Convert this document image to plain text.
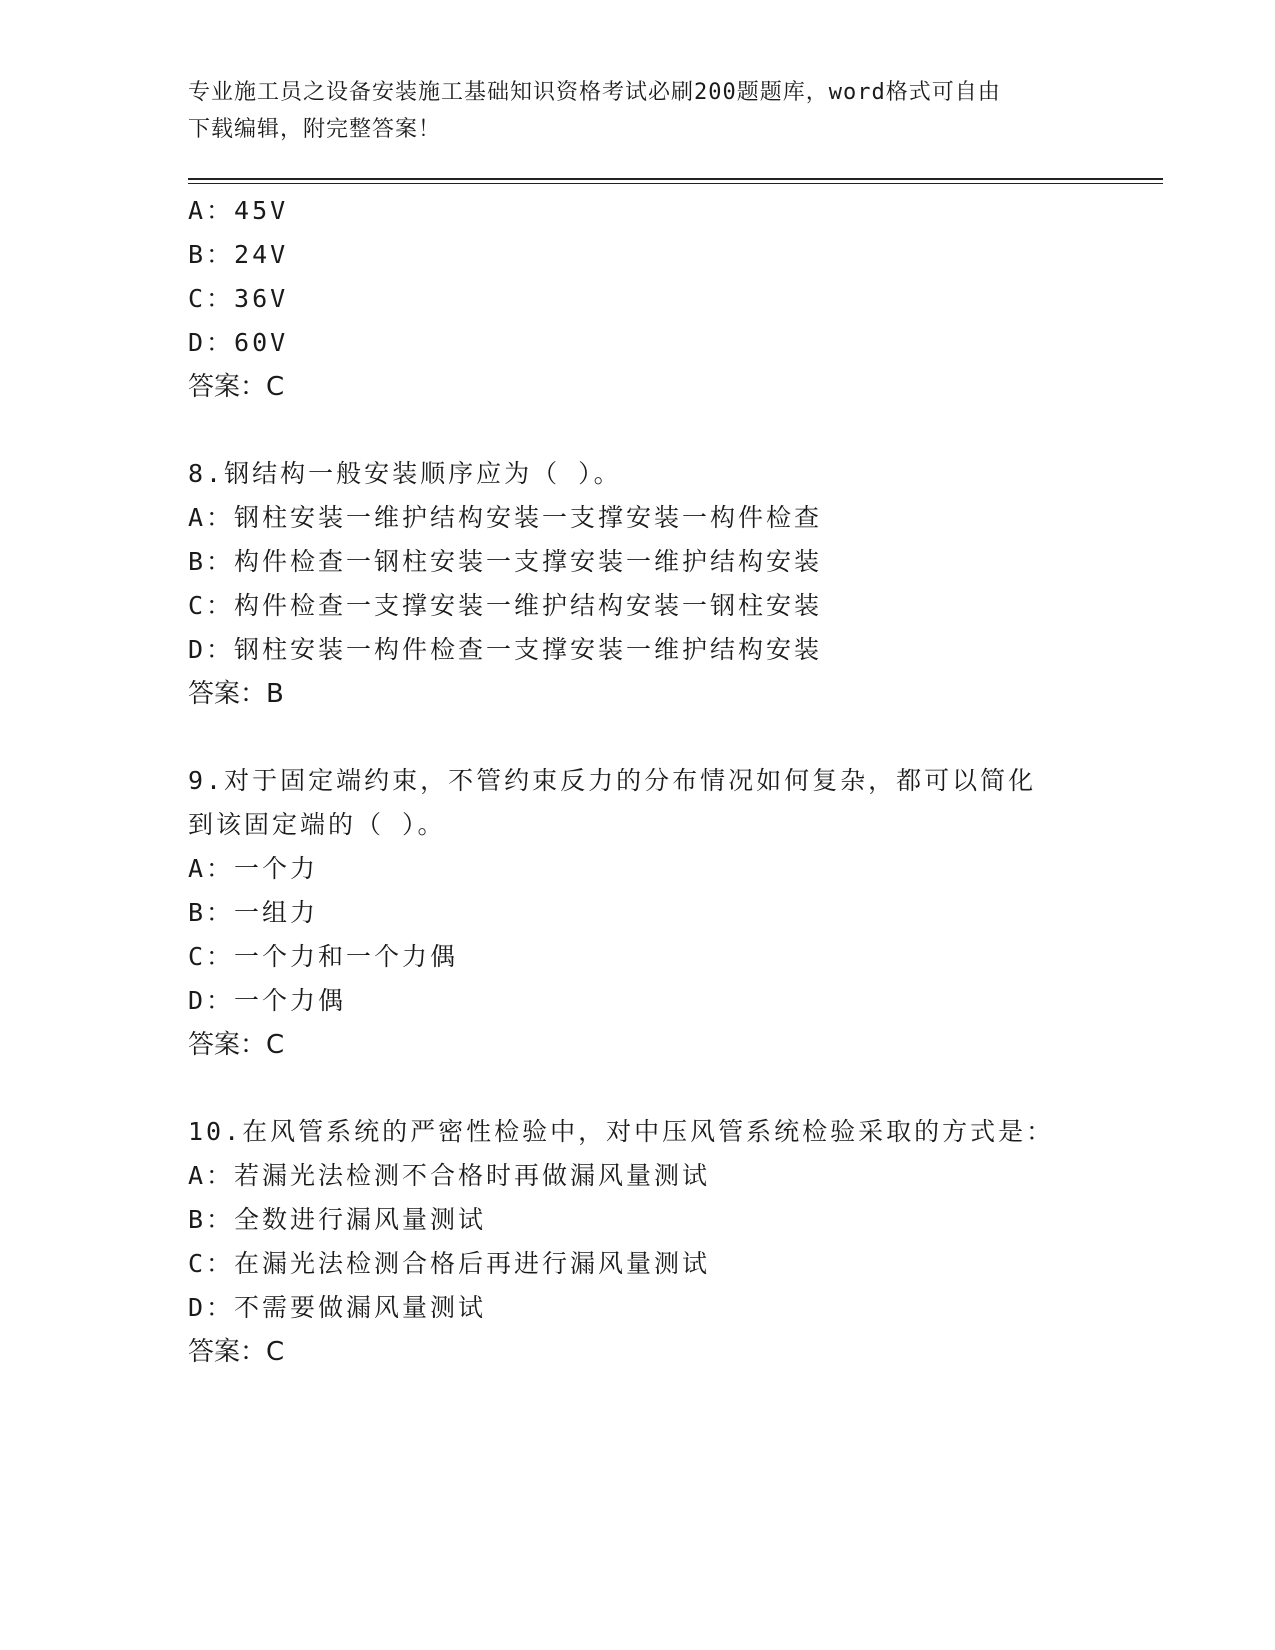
专业施工员之设备安装施工基础知识资格考试必刷200题题库，word格式可自由
下载编辑，附完整答案！
A：45V
B：24V
C：36V
D：60V
答案：C
8.钢结构一般安装顺序应为（ ）。
A：钢柱安装一维护结构安装一支撑安装一构件检查
B：构件检查一钢柱安装一支撑安装一维护结构安装
C：构件检查一支撑安装一维护结构安装一钢柱安装
D：钢柱安装一构件检查一支撑安装一维护结构安装
答案：B
9.对于固定端约束，不管约束反力的分布情况如何复杂，都可以简化
到该固定端的（ ）。
A：一个力
B：一组力
C：一个力和一个力偶
D：一个力偶
答案：C
10.在风管系统的严密性检验中，对中压风管系统检验采取的方式是：
A：若漏光法检测不合格时再做漏风量测试
B：全数进行漏风量测试
C：在漏光法检测合格后再进行漏风量测试
D：不需要做漏风量测试
答案：C
